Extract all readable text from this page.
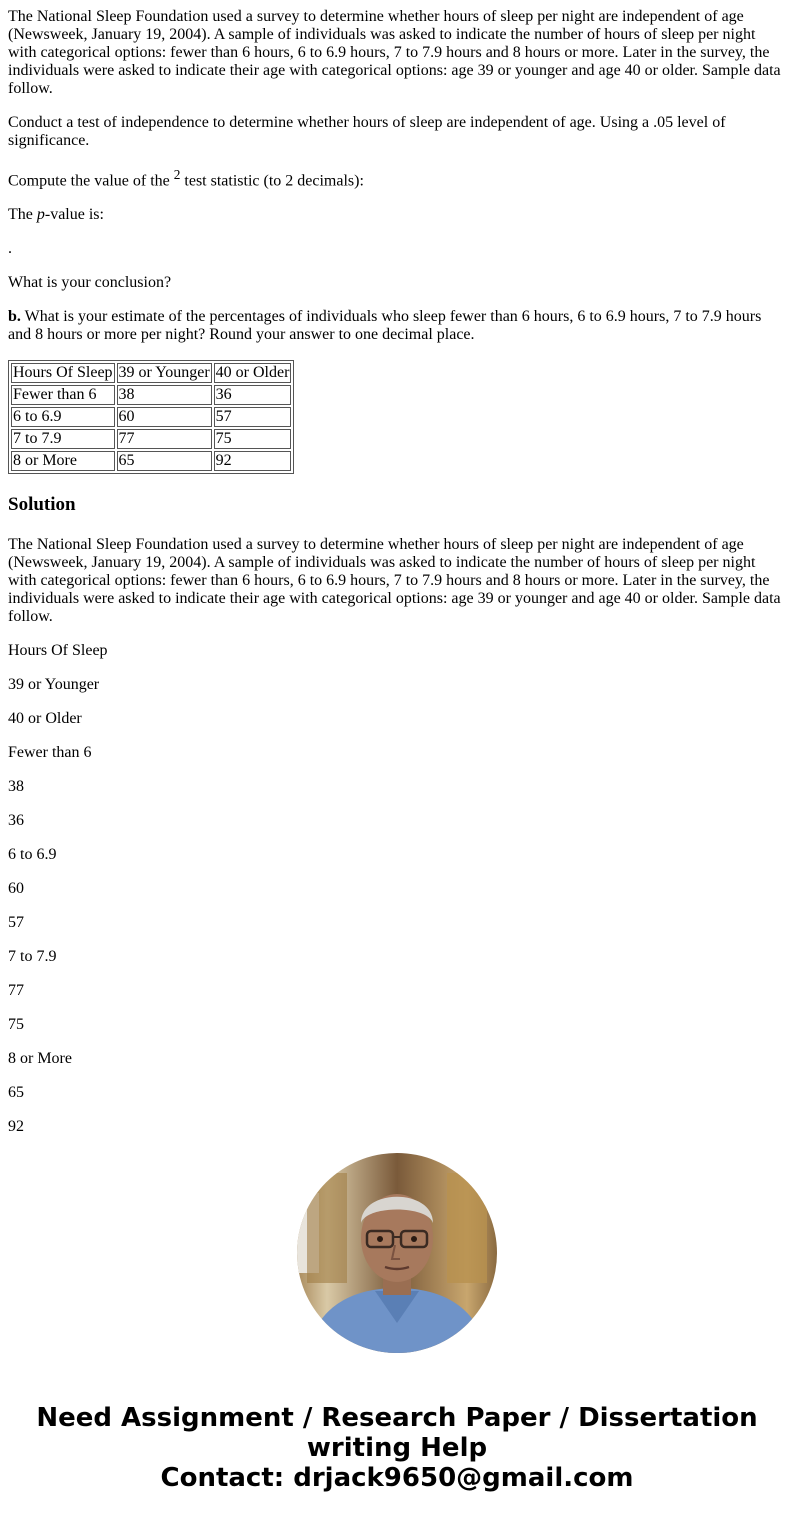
The National Sleep Foundation used a survey to determine whether hours of sleep per night are independent of age (Newsweek, January 19, 2004). A sample of individuals was asked to indicate the number of hours of sleep per night with categorical options: fewer than 6 hours, 6 to 6.9 hours, 7 to 7.9 hours and 8 hours or more. Later in the survey, the individuals were asked to indicate their age with categorical options: age 39 or younger and age 40 or older. Sample data follow.

Conduct a test of independence to determine whether hours of sleep are independent of age. Using a .05 level of significance.

Compute the value of the $^2$ test statistic (to 2 decimals):

The p-value is:

.

What is your conclusion?

b. What is your estimate of the percentages of individuals who sleep fewer than 6 hours, 6 to 6.9 hours, 7 to 7.9 hours and 8 hours or more per night? Round your answer to one decimal place.

Hours Of Sleep	39 or Younger	40 or Older
Fewer than 6	38	36
6 to 6.9	60	57
7 to 7.9	77	75
8 or More	65	92
Solution

The National Sleep Foundation used a survey to determine whether hours of sleep per night are independent of age (Newsweek, January 19, 2004). A sample of individuals was asked to indicate the number of hours of sleep per night with categorical options: fewer than 6 hours, 6 to 6.9 hours, 7 to 7.9 hours and 8 hours or more. Later in the survey, the individuals were asked to indicate their age with categorical options: age 39 or younger and age 40 or older. Sample data follow.

Hours Of Sleep

39 or Younger

40 or Older

Fewer than 6

38

36

6 to 6.9

60

57

7 to 7.9

77

75

8 or More

65

92

Need Assignment / Research Paper / Dissertation
writing Help
Contact: drjack9650@gmail.com
